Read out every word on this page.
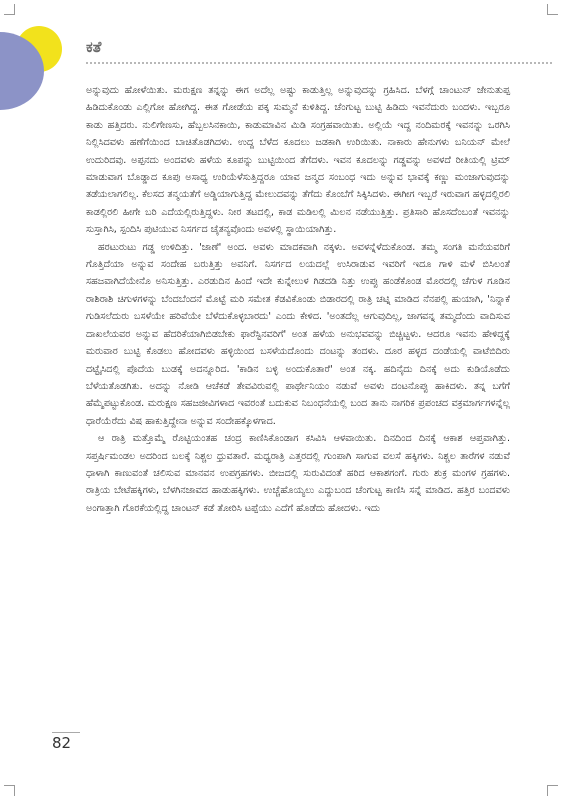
ಕತೆ

ಅನ್ನುವುದು ಹೋಳೆಯಿತು. ಮರುಕ್ಷಣ ತನ್ನನ್ನು ಈಗ ಅದೆಲ್ಲ ಅಷ್ಟು ಕಾಡುತ್ತಿಲ್ಲ ಅನ್ನುವುದನ್ನು ಗ್ರಹಿಸಿದ. ಬೆಳಗ್ಗೆ ಚಾಂಟುನ್ ಜೇನುತುಪ್ಪ ಹಿಡಿದುಕೊಂಡು ಎಲ್ಲಿಗೋ ಹೋಗಿದ್ದ. ಈತ ಗೋಡೆಯ ಪಕ್ಕ ಸುಮ್ಮನೆ ಕುಳಿತಿದ್ದ. ಚೆಂಗುಟ್ಟ ಬುಟ್ಟಿ ಹಿಡಿದು ಇವನೆದುರು ಬಂದಳು. ಇಬ್ಬರೂ ಕಾಡು ಹತ್ತಿದರು. ನುಲಿಗೇಣಸು, ಹೆಬ್ಬಲಸಿನಕಾಯಿ, ಕಾಡುಮಾವಿನ ಮಿಡಿ ಸಂಗ್ರಹವಾಯಿತು. ಅಲ್ಲಿಯೆ ಇದ್ದ ನಂದಿಮರಕ್ಕೆ ಇವನನ್ನು ಒರಗಿಸಿ ನಿಲ್ಲಿಸಿದವಳು ಹಣೆಗೆಯಿಂದ ಬಾಚಿತೊಡಗಿದಳು. ಉದ್ದ ಬೆಳೆದ ಕೂದಲು ಜಡಕಾಗಿ ಉರಿಯಿತು. ನಾಕಾರು ಹೇನುಗಳು ಬನಿಯನ್ ಮೇಲೆ ಉದುರಿದವು. ಅಪ್ಪನದು ಅಂದವಳು ಹಳೆಯ ಕೂಪನ್ನು ಬುಟ್ಟಿಯಿಂದ ತೆಗೆದಳು. ಇವನ ಕೂದಲನ್ನು ಗಡ್ಡವನ್ನು ಅವಳದೆ ರೀತಿಯಲ್ಲಿ ಟ್ರಿಮ್ ಮಾಡುವಾಗ ಬೊಡ್ಡಾದ ಕೂಪು ಅಸಾಧ್ಯ ಉರಿಯೆಳೆಸುತ್ತಿದ್ದರೂ ಯಾವ ಜನ್ಮದ ಸಂಬಂಧ ಇದು ಅನ್ನುವ ಭಾವಕ್ಕೆ ಕಣ್ಣು ಮಂಜಾಗುವುದನ್ನು ತಡೆಯಲಾಗಲಿಲ್ಲ. ಕೆಲಸದ ತನ್ಮಯತೆಗೆ ಅಡ್ಡಿಯಾಗುತ್ತಿದ್ದ ಮೇಲುದವನ್ನು ತೆಗೆದು ಕೊಂಬೆಗೆ ಸಿಕ್ಕಿಸಿದಳು. ಈಗೀಗ ಇಬ್ಬರೆ ಇರುವಾಗ ಹಳ್ಳದಲ್ಲಿರಲಿ ಕಾಡಲ್ಲಿರಲಿ ಹೀಗೇ ಬರಿ ಎದೆಯಲ್ಲಿರುತ್ತಿದ್ದಳು. ನೀರ ತಟದಲ್ಲಿ, ಕಾಡ ಮಡಿಲಲ್ಲಿ ಮಿಲನ ನಡೆಯುತ್ತಿತ್ತು. ಪ್ರತಿಸಾರಿ ಹೊಸದೆಂಬಂತೆ ಇವನನ್ನು ಸುಸ್ತಾಗಿಸಿ, ಸ್ಪಂದಿಸಿ ಪುಟಿಯುವ ನಿಸರ್ಗದ ಚೈತನ್ಯವೊಂದು ಅವಳಲ್ಲಿ ಸ್ಥಾಯಿಯಾಗಿತ್ತು.

ಹರಟುರುಟು ಗಡ್ಡ ಉಳಿದಿತ್ತು. 'ಜಾಣೆ' ಅಂದ. ಅವಳು ಮಾದಕವಾಗಿ ನಕ್ಕಳು. ಅವಳನ್ನೆಳೆದುಕೊಂಡ. ತಮ್ಮ ಸಂಗತಿ ಮನೆಯವರಿಗೆ ಗೊತ್ತಿದೆಯಾ ಅನ್ನುವ ಸಂದೇಹ ಬರುತ್ತಿತ್ತು ಅವನಿಗೆ. ನಿಸರ್ಗದ ಲಯದಲ್ಲೆ ಉಸಿರಾಡುವ ಇವರಿಗೆ ಇದೂ ಗಾಳಿ ಮಳೆ ಬಿಸಿಲಂತೆ ಸಹಜವಾಗಿದೆಯೇನೊ ಅನಿಸುತ್ತಿತ್ತು. ಎರಡುದಿನ ಹಿಂದೆ ಇದೇ ಕುನ್ನೇಲುಳ ಗಿಡದಡಿ ನಿತ್ತು ಉಪ್ಪು ಹಂಡೆಕೊಂಡ ಮೊರದಲ್ಲಿ ಚೆಗುಳ ಗೂಡಿನ ರಾಶಿರಾಶಿ ಚಿಗುಳಗಳನ್ನು ಬೆಂದಬೆಂದನೆ ಮೊಟ್ಟೆ ಮರಿ ಸಮೇತ ಕೆಡವಿಕೊಂಡು ಬಿಡಾರದಲ್ಲಿ ರಾತ್ರಿ ಚಟ್ನಿ ಮಾಡಿದ ನೆನಪಲ್ಲಿ ಹುಯಾಗಿ, 'ನಿನ್ನಾಕೆ ಗುಡಿಸಲೆದುರು ಬಸಳೆಯೇ ಹರಿವೆಯೇ ಬೆಳೆದುಕೊಳ್ಳಬಾರದು' ಎಂದು ಕೇಳಿದ. 'ಅಂತದೆಲ್ಲ ಆಗುವುದಿಲ್ಲ, ಜಾಗವನ್ನ ತಮ್ಮದೆಂದು ವಾದಿಸುವ ದಾಖಲೆಯವರ ಅನ್ನುವ ಹೆದರಿಕೆಯಾಗಿಬಿಡಬೇಕು ಫಾರೆಸ್ಟಿನವರಿಗೆ' ಅಂತ ಹಳೆಯ ಅನುಭವವನ್ನು ಬಿಚ್ಚಿಟ್ಟಳು. ಆದರೂ ಇವನು ಹೇಳಿದ್ದಕ್ಕೆ ಮರುವಾರ ಬುಟ್ಟಿ ಕೊಡಲು ಹೋದವಳು ಹಳ್ಳಿಯಿಂದ ಬಸಳೆಯದೊಂದು ದಂಟನ್ನು ತಂದಳು. ದೂರ ಹಳ್ಳದ ದಂಡೆಯಲ್ಲಿ ವಾಟೆಬಿದಿರು ದಟ್ಟೈಸಿದಲ್ಲಿ ಪೊದೆಯ ಬುಡಕ್ಕೆ ಅದನ್ನೂರಿದ. 'ಕಾಡಿನ ಬಳ್ಳಿ ಅಂದುಕೊತಾರೆ' ಅಂತ ನಕ್ಕ. ಹದಿನೈದು ದಿನಕ್ಕೆ ಅದು ಕುಡಿಯೊಡೆದು ಬೆಳೆಯತೊಡಗಿತು. ಅದನ್ನು ನೋಡಿ ಆಚೆಕಡೆ ತೇವವಿರುವಲ್ಲಿ ಪಾರ್ಥೇನಿಯಂ ನಡುವೆ ಅವಳು ದಂಟನೊಪ್ಪು ಹಾಕಿದಳು. ತನ್ನ ಬಗೆಗೆ ಹೆಮ್ಮೆಪಟ್ಟುಕೊಂಡ. ಮರುಕ್ಷಣ ಸಹಜಜೀವಿಗಳಾದ ಇವರಂತೆ ಬದುಕುವ ನಿಬಂಧನೆಯಲ್ಲಿ ಬಂದ ತಾನು ನಾಗರಿಕ ಪ್ರಪಂಚದ ವಕ್ರಮಾರ್ಗಗಳನ್ನೆಲ್ಲ ಧಾರೆಯೆರೆದು ವಿಷ ಹಾಕುತ್ತಿದ್ದೇನಾ ಅನ್ನುವ ಸಂದೇಹಕ್ಕೊಳಗಾದ.

ಆ ರಾತ್ರಿ ಮತ್ತೊಮ್ಮೆ ರೊಟ್ಟಿಯಂತಹ ಚಂದ್ರ ಕಾಣಿಸಿಕೊಂಡಾಗ ಕಸಿವಿಸಿ ಆಳವಾಯಿತು. ದಿನದಿಂದ ದಿನಕ್ಕೆ ಆಕಾಶ ಆಪ್ತವಾಗಿತ್ತು. ಸಪ್ತರ್ಷಿಮಂಡಲ ಅದರಿಂದ ಬಲಕ್ಕೆ ನಿಶ್ಚಲ ಧ್ರುವತಾರೆ. ಮಧ್ಯರಾತ್ರಿ ಎತ್ತರದಲ್ಲಿ ಗುಂಪಾಗಿ ಸಾಗುವ ವಲಸೆ ಹಕ್ಕಿಗಳು. ನಿಶ್ಚಲ ತಾರೆಗಳ ನಡುವೆ ಧಾಳಾಗಿ ಕಾಣುವಂತೆ ಚಲಿಸುವ ಮಾನವನ ಉಪಗ್ರಹಗಳು. ಬೀಜದಲ್ಲಿ ಸುರುವಿದಂತೆ ಹರಿದ ಆಕಾಶಗಂಗೆ. ಗುರು ಶುಕ್ರ ಮಂಗಳ ಗ್ರಹಗಳು. ರಾತ್ರಿಯ ಬೇಟೆಹಕ್ಕಿಗಳು, ಬೆಳಗಿನಜಾವದ ಹಾಡುಹಕ್ಕಿಗಳು. ಉಚ್ಚೆಹೊಯ್ಯಲು ಎದ್ದುಬಂದ ಚೆಂಗುಟ್ಟ ಕಾಣಿಸಿ ಸನ್ನೆ ಮಾಡಿದ. ಹತ್ತಿರ ಬಂದವಳು ಅಂಗಾತ್ತಾಗಿ ಗೊರಕೆಯಲ್ಲಿದ್ದ ಚಾಂಟನ್ ಕಡೆ ತೋರಿಸಿ ಟಪ್ಪೆಯು ಎದೆಗೆ ಹೊಡೆದು ಹೋದಳು. ಇದು

82
